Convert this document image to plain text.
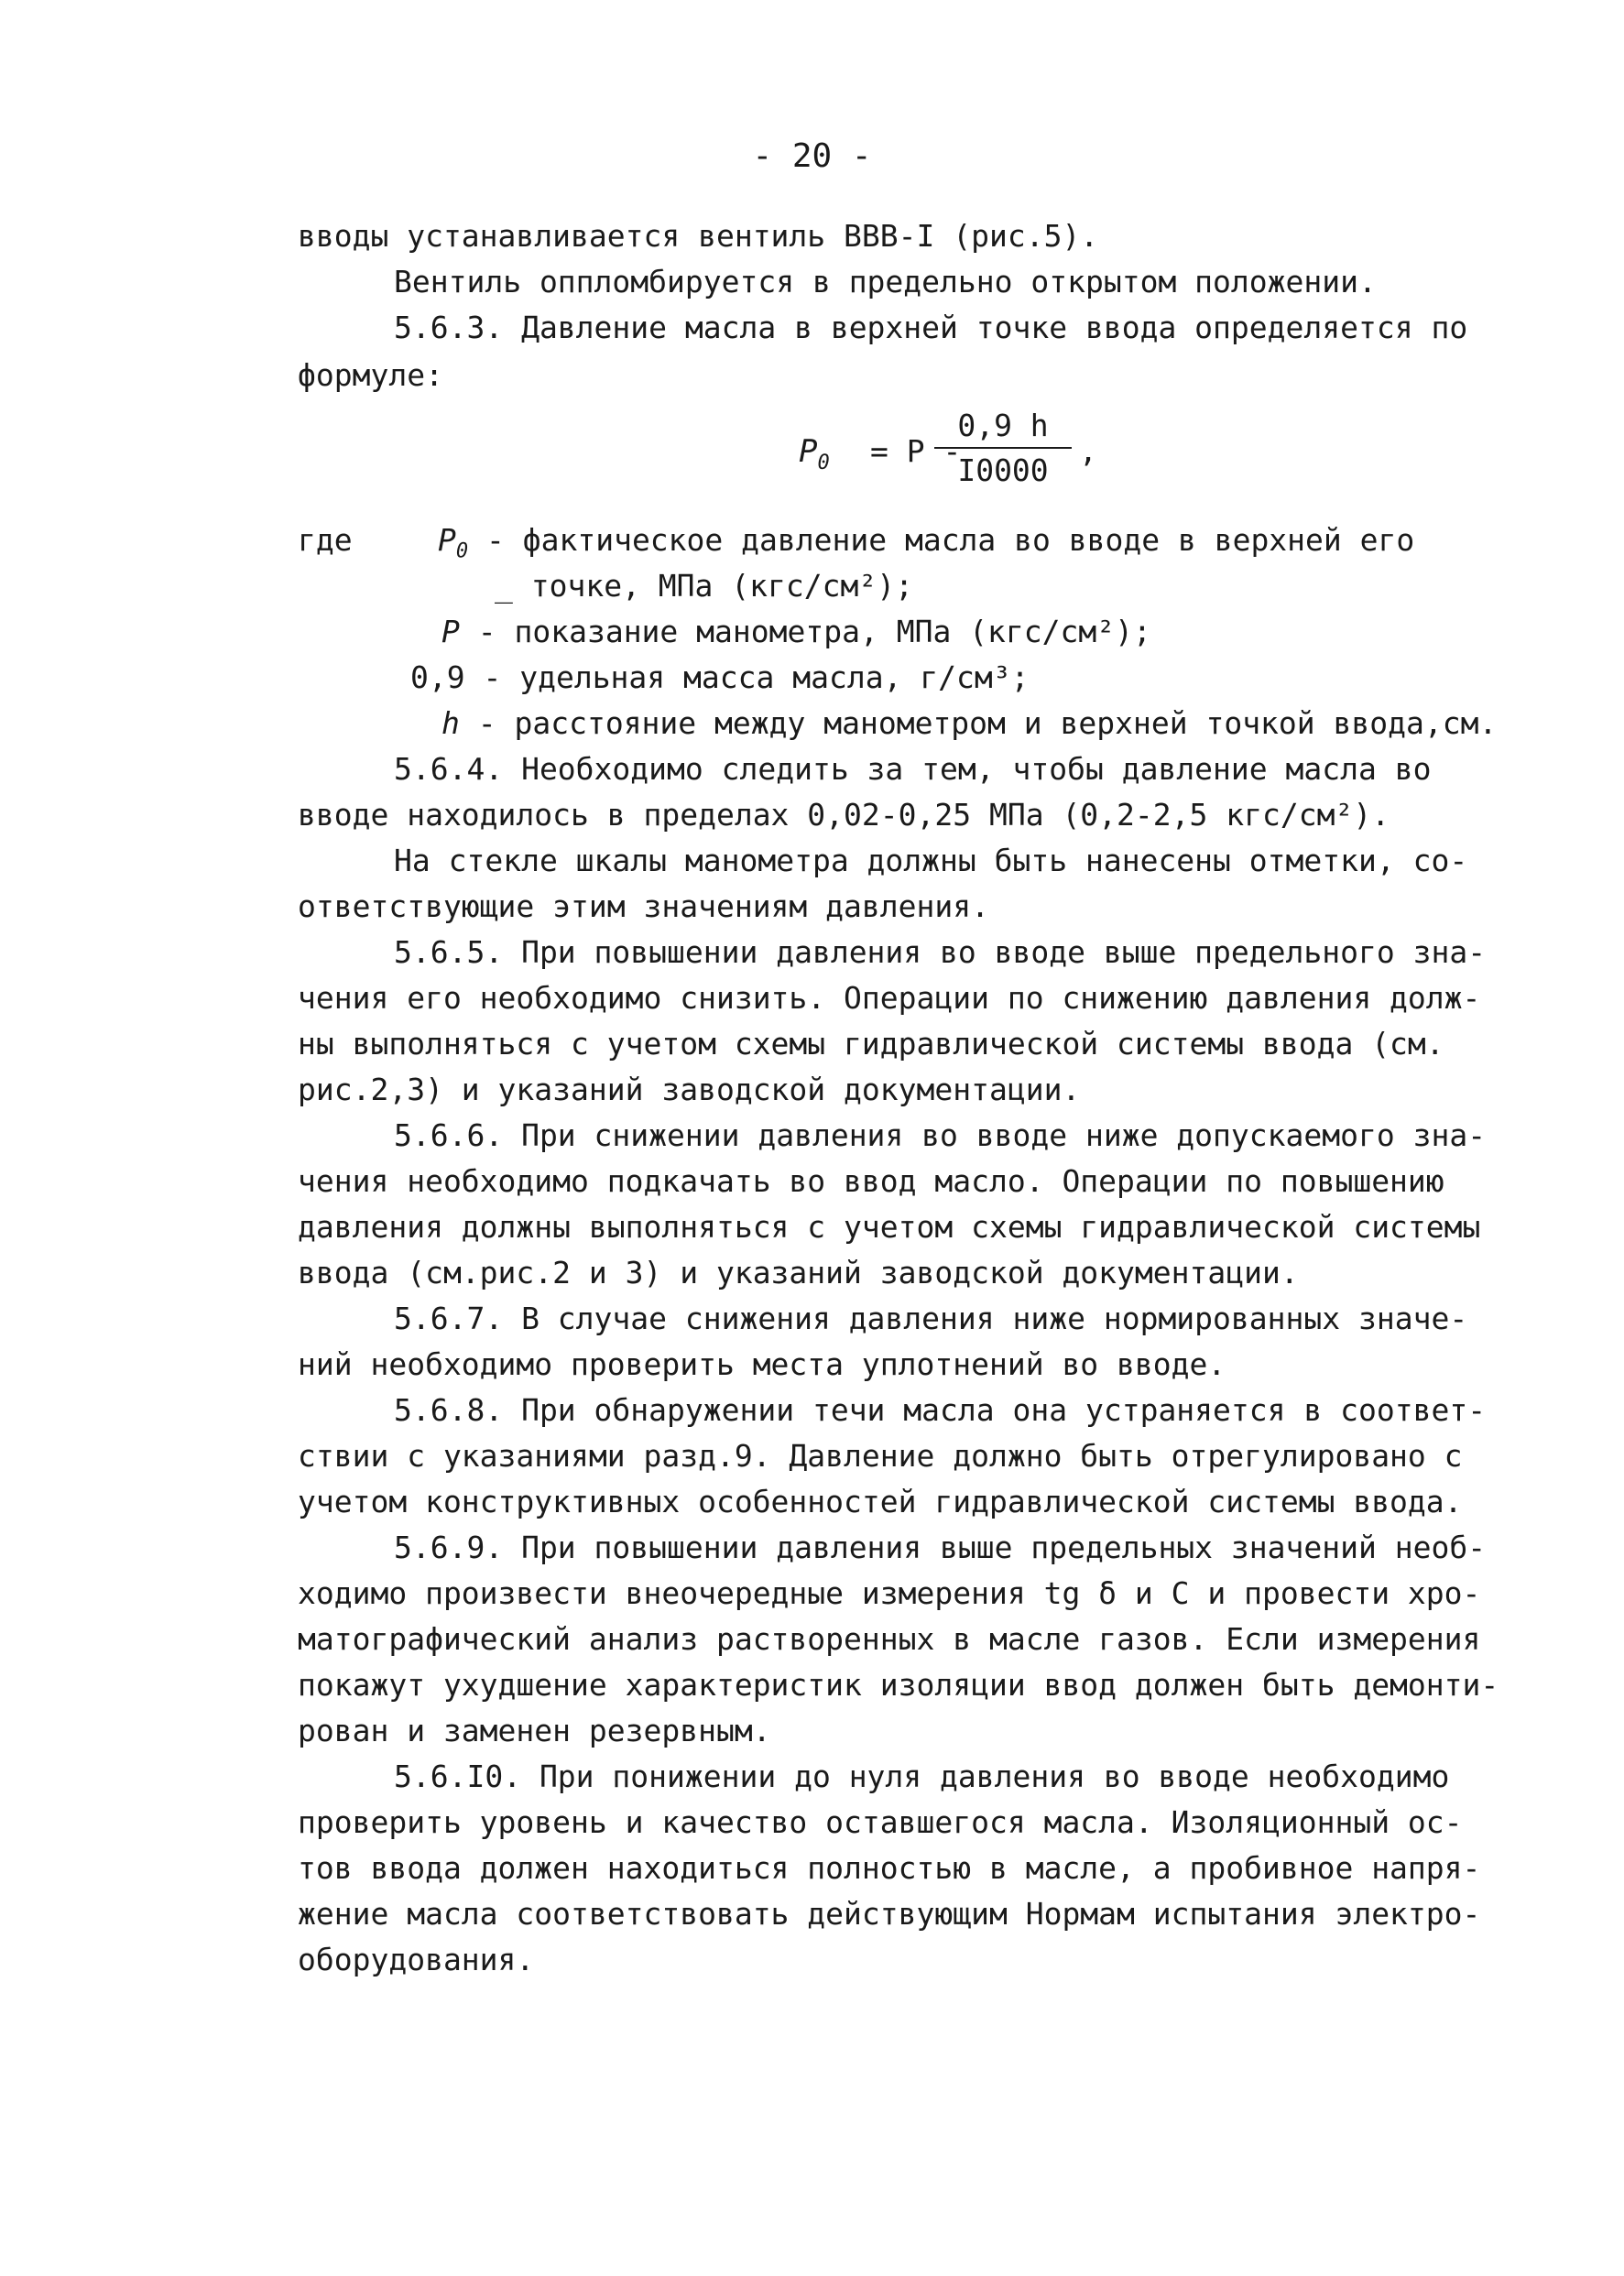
- 20 -
вводы устанавливается вентиль ВВВ-I (рис.5).
Вентиль оппломбируется в предельно открытом положении.
5.6.3. Давление масла в верхней точке ввода определяется по
формуле:
$P_0 = P$ -
$\frac{0,9 h}{I0000}$ ,
где	$P_0$ - фактическое давление масла во вводе в верхней его
_ точке, МПа (кгс/см²);
P - показание манометра, МПа (кгс/см²);
0,9 - удельная масса масла, г/см³;
h - расстояние между манометром и верхней точкой ввода,см.
5.6.4. Необходимо следить за тем, чтобы давление масла во
вводе находилось в пределах 0,02-0,25 МПа (0,2-2,5 кгс/см²).
На стекле шкалы манометра должны быть нанесены отметки, со-
ответствующие этим значениям давления.
5.6.5. При повышении давления во вводе выше предельного зна-
чения его необходимо снизить. Операции по снижению давления долж-
ны выполняться с учетом схемы гидравлической системы ввода (см.
рис.2,3) и указаний заводской документации.
5.6.6. При снижении давления во вводе ниже допускаемого зна-
чения необходимо подкачать во ввод масло. Операции по повышению
давления должны выполняться с учетом схемы гидравлической системы
ввода (см.рис.2 и 3) и указаний заводской документации.
5.6.7. В случае снижения давления ниже нормированных значе-
ний необходимо проверить места уплотнений во вводе.
5.6.8. При обнаружении течи масла она устраняется в соответ-
ствии с указаниями разд.9. Давление должно быть отрегулировано с
учетом конструктивных особенностей гидравлической системы ввода.
5.6.9. При повышении давления выше предельных значений необ-
ходимо произвести внеочередные измерения tg δ и С и провести хро-
матографический анализ растворенных в масле газов. Если измерения
покажут ухудшение характеристик изоляции ввод должен быть демонти-
рован и заменен резервным.
5.6.I0. При понижении до нуля давления во вводе необходимо
проверить уровень и качество оставшегося масла. Изоляционный ос-
тов ввода должен находиться полностью в масле, а пробивное напря-
жение масла соответствовать действующим Нормам испытания электро-
оборудования.
